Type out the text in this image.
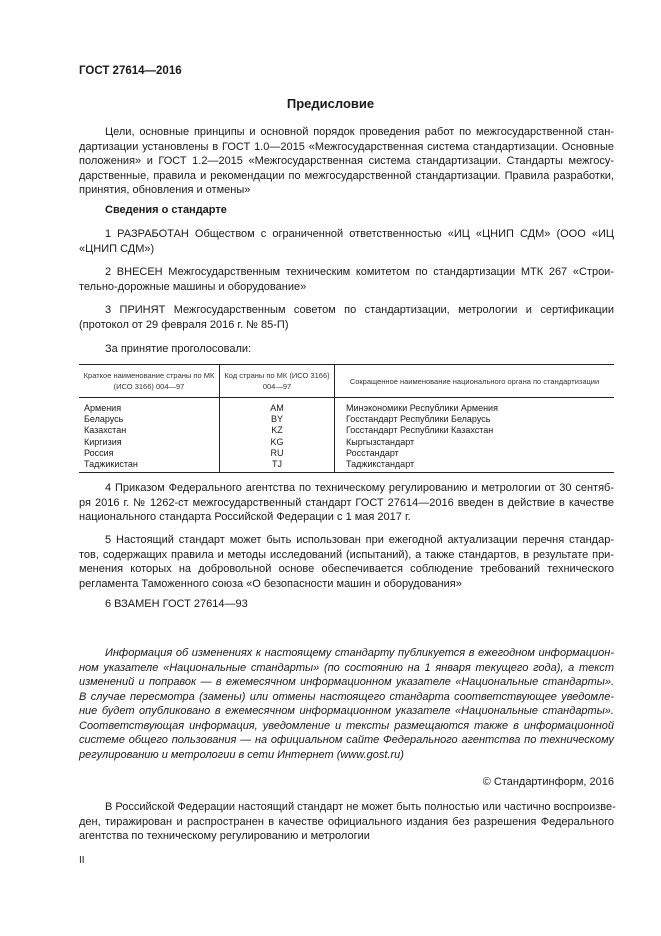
ГОСТ 27614—2016
Предисловие
Цели, основные принципы и основной порядок проведения работ по межгосударственной стан-
дартизации установлены в ГОСТ 1.0—2015 «Межгосударственная система стандартизации. Основные
положения» и ГОСТ 1.2—2015 «Межгосударственная система стандартизации. Стандарты межгосу-
дарственные, правила и рекомендации по межгосударственной стандартизации. Правила разработки,
принятия, обновления и отмены»
Сведения о стандарте
1 РАЗРАБОТАН Обществом с ограниченной ответственностью «ИЦ «ЦНИП СДМ» (ООО «ИЦ
«ЦНИП СДМ»)
2 ВНЕСЕН Межгосударственным техническим комитетом по стандартизации МТК 267 «Строи-
тельно-дорожные машины и оборудование»
3 ПРИНЯТ Межгосударственным советом по стандартизации, метрологии и сертификации
(протокол от 29 февраля 2016 г. № 85-П)
За принятие проголосовали:
Краткое наименование страны по МК (ИСО 3166) 004—97	Код страны по МК (ИСО 3166) 004—97	Сокращенное наименование национального органа по стандартизации
Армения	AM	Минэкономики Республики Армения
Беларусь	BY	Госстандарт Республики Беларусь
Казахстан	KZ	Госстандарт Республики Казахстан
Киргизия	KG	Кыргызстандарт
Россия	RU	Росстандарт
Таджикистан	TJ	Таджикстандарт
4 Приказом Федерального агентства по техническому регулированию и метрологии от 30 сентяб-
ря 2016 г. № 1262-ст межгосударственный стандарт ГОСТ 27614—2016 введен в действие в качестве
национального стандарта Российской Федерации с 1 мая 2017 г.
5 Настоящий стандарт может быть использован при ежегодной актуализации перечня стандар-
тов, содержащих правила и методы исследований (испытаний), а также стандартов, в результате при-
менения которых на добровольной основе обеспечивается соблюдение требований технического
регламента Таможенного союза «О безопасности машин и оборудования»
6 ВЗАМЕН ГОСТ 27614—93
Информация об изменениях к настоящему стандарту публикуется в ежегодном информацион-
ном указателе «Национальные стандарты» (по состоянию на 1 января текущего года), а текст
изменений и поправок — в ежемесячном информационном указателе «Национальные стандарты».
В случае пересмотра (замены) или отмены настоящего стандарта соответствующее уведомле-
ние будет опубликовано в ежемесячном информационном указателе «Национальные стандарты».
Соответствующая информация, уведомление и тексты размещаются также в информационной
системе общего пользования — на официальном сайте Федерального агентства по техническому
регулированию и метрологии в сети Интернет (www.gost.ru)
© Стандартинформ, 2016
В Российской Федерации настоящий стандарт не может быть полностью или частично воспроизве-
ден, тиражирован и распространен в качестве официального издания без разрешения Федерального
агентства по техническому регулированию и метрологии
II
